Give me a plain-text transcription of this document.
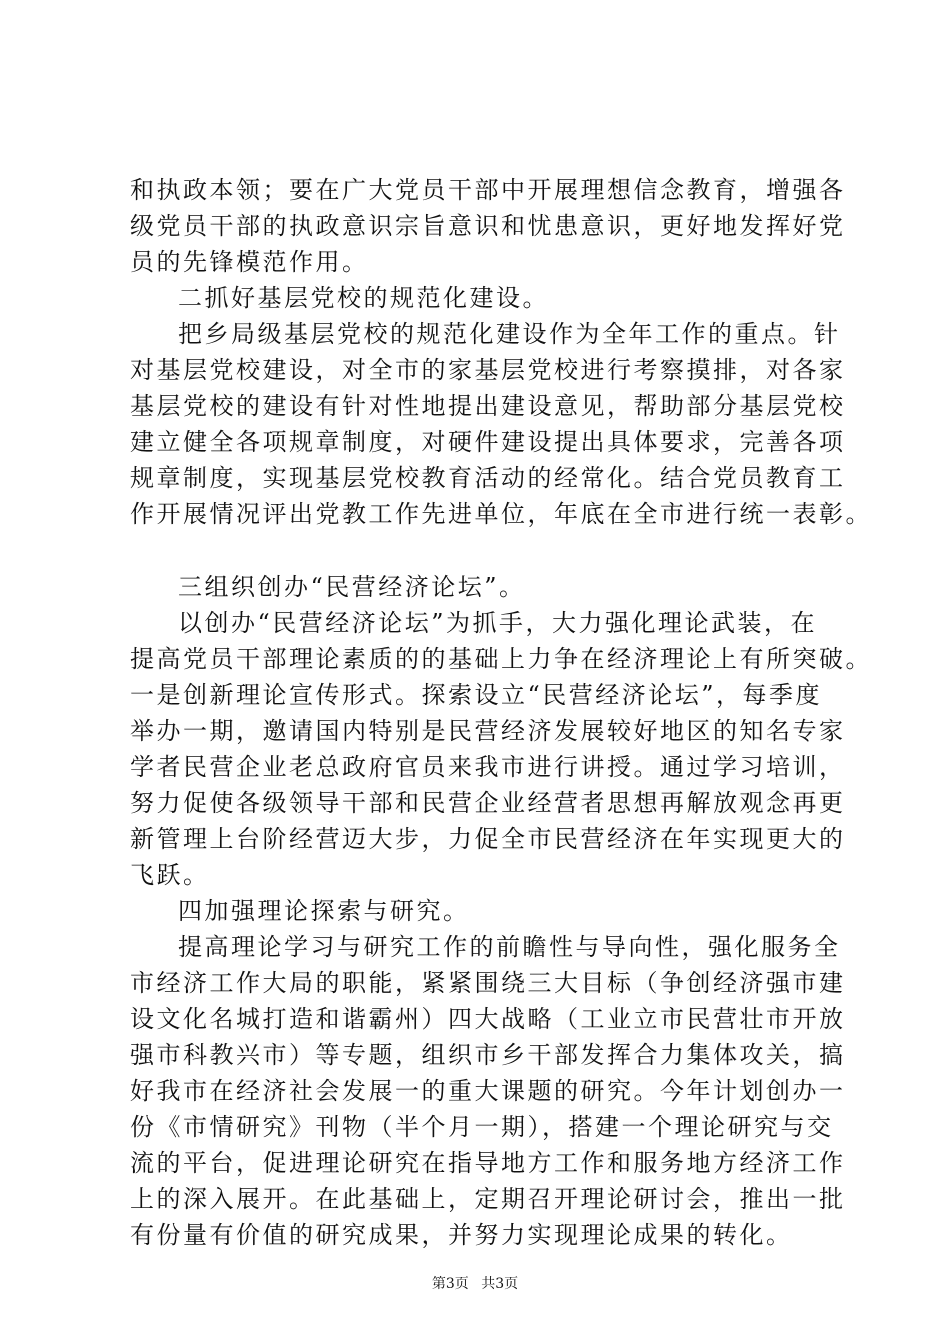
和执政本领；要在广大党员干部中开展理想信念教育，增强各
级党员干部的执政意识宗旨意识和忧患意识，更好地发挥好党
员的先锋模范作用。
二抓好基层党校的规范化建设。
把乡局级基层党校的规范化建设作为全年工作的重点。针
对基层党校建设，对全市的家基层党校进行考察摸排，对各家
基层党校的建设有针对性地提出建设意见，帮助部分基层党校
建立健全各项规章制度，对硬件建设提出具体要求，完善各项
规章制度，实现基层党校教育活动的经常化。结合党员教育工
作开展情况评出党教工作先进单位，年底在全市进行统一表彰。
三组织创办“民营经济论坛”。
以创办“民营经济论坛”为抓手，大力强化理论武装，在
提高党员干部理论素质的的基础上力争在经济理论上有所突破。
一是创新理论宣传形式。探索设立“民营经济论坛”，每季度
举办一期，邀请国内特别是民营经济发展较好地区的知名专家
学者民营企业老总政府官员来我市进行讲授。通过学习培训，
努力促使各级领导干部和民营企业经营者思想再解放观念再更
新管理上台阶经营迈大步，力促全市民营经济在年实现更大的
飞跃。
四加强理论探索与研究。
提高理论学习与研究工作的前瞻性与导向性，强化服务全
市经济工作大局的职能，紧紧围绕三大目标（争创经济强市建
设文化名城打造和谐霸州）四大战略（工业立市民营壮市开放
强市科教兴市）等专题，组织市乡干部发挥合力集体攻关，搞
好我市在经济社会发展一的重大课题的研究。今年计划创办一
份《市情研究》刊物（半个月一期），搭建一个理论研究与交
流的平台，促进理论研究在指导地方工作和服务地方经济工作
上的深入展开。在此基础上，定期召开理论研讨会，推出一批
有份量有价值的研究成果，并努力实现理论成果的转化。
第3页 共3页
